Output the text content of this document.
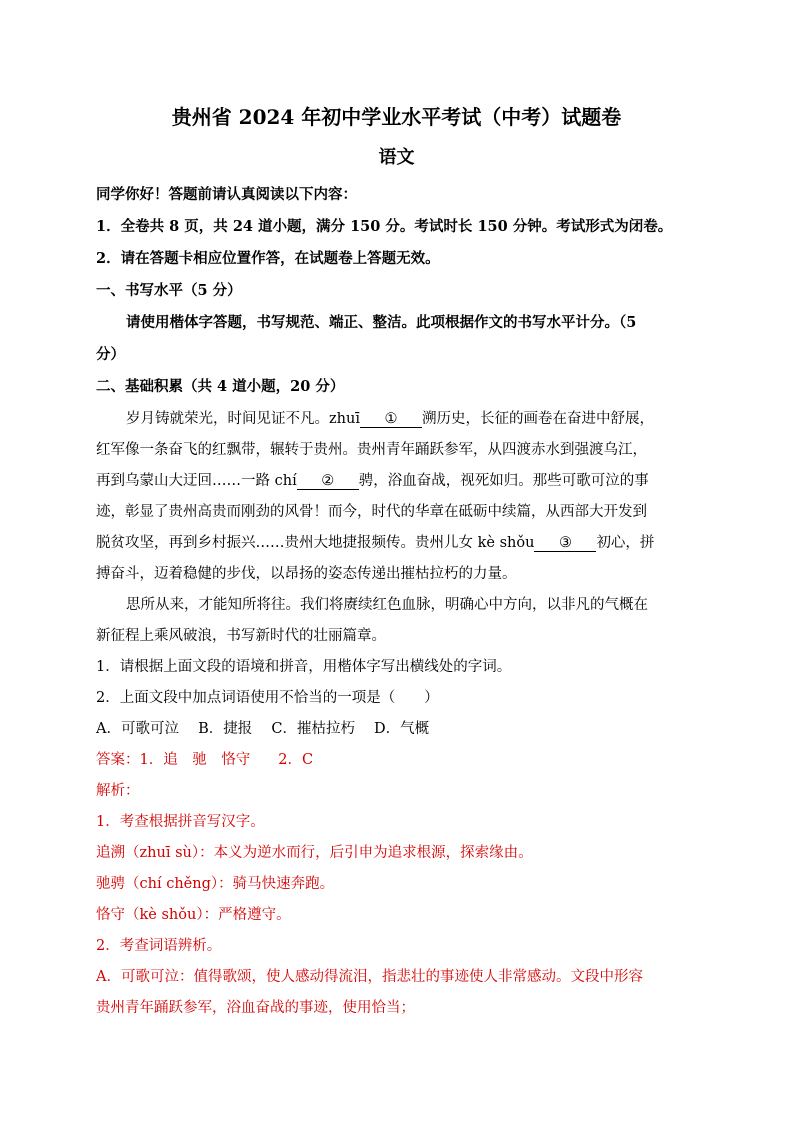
贵州省 2024 年初中学业水平考试（中考）试题卷
语文
同学你好！答题前请认真阅读以下内容：
1．全卷共 8 页，共 24 道小题，满分 150 分。考试时长 150 分钟。考试形式为闭卷。
2．请在答题卡相应位置作答，在试题卷上答题无效。
一、书写水平（5 分）
请使用楷体字答题，书写规范、端正、整洁。此项根据作文的书写水平计分。（5
分）
二、基础积累（共 4 道小题，20 分）
岁月铸就荣光，时间见证不凡。zhuī ① 溯历史，长征的画卷在奋进中舒展，
红军像一条奋飞的红飘带，辗转于贵州。贵州青年踊跃参军，从四渡赤水到强渡乌江，
再到乌蒙山大迂回……一路 chí ② 骋，浴血奋战，视死如归。那些可歌可泣的事
迹，彰显了贵州高贵而刚劲的风骨！而今，时代的华章在砥砺中续篇，从西部大开发到
脱贫攻坚，再到乡村振兴……贵州大地捷报频传。贵州儿女 kè shǒu ③ 初心，拼
搏奋斗，迈着稳健的步伐，以昂扬的姿态传递出摧枯拉朽的力量。
思所从来，才能知所将往。我们将赓续红色血脉，明确心中方向，以非凡的气概在
新征程上乘风破浪，书写新时代的壮丽篇章。
1．请根据上面文段的语境和拼音，用楷体字写出横线处的字词。
2．上面文段中加点词语使用不恰当的一项是（　　）
A．可歌可泣　 B．捷报　 C．摧枯拉朽　 D．气概
答案：1．追　驰　恪守 2．C
解析：
1．考查根据拼音写汉字。
追溯（zhuī sù）：本义为逆水而行，后引申为追求根源，探索缘由。
驰骋（chí chěng）：骑马快速奔跑。
恪守（kè shǒu）：严格遵守。
2．考查词语辨析。
A．可歌可泣：值得歌颂，使人感动得流泪，指悲壮的事迹使人非常感动。文段中形容
贵州青年踊跃参军，浴血奋战的事迹，使用恰当；
